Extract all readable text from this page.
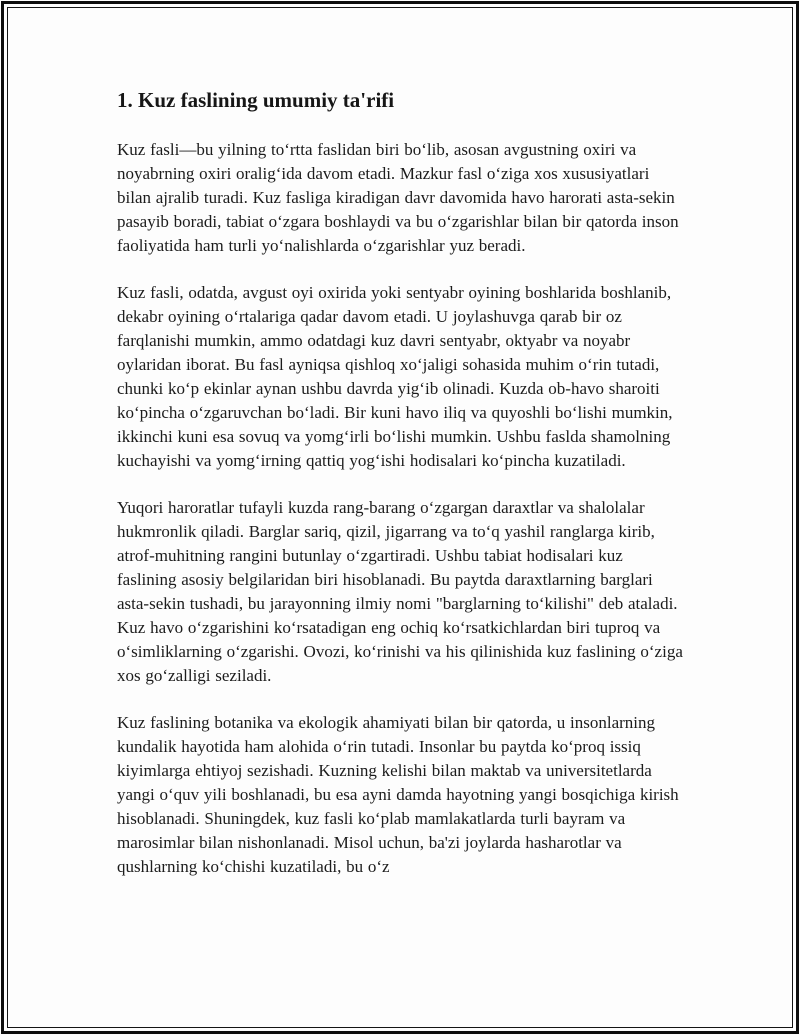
1. Kuz faslining umumiy ta'rifi

Kuz fasli—bu yilning to‘rtta faslidan biri bo‘lib, asosan avgustning oxiri va noyabrning oxiri oralig‘ida davom etadi. Mazkur fasl o‘ziga xos xususiyatlari bilan ajralib turadi. Kuz fasliga kiradigan davr davomida havo harorati asta-sekin pasayib boradi, tabiat o‘zgara boshlaydi va bu o‘zgarishlar bilan bir qatorda inson faoliyatida ham turli yo‘nalishlarda o‘zgarishlar yuz beradi.

Kuz fasli, odatda, avgust oyi oxirida yoki sentyabr oyining boshlarida boshlanib, dekabr oyining o‘rtalariga qadar davom etadi. U joylashuvga qarab bir oz farqlanishi mumkin, ammo odatdagi kuz davri sentyabr, oktyabr va noyabr oylaridan iborat. Bu fasl ayniqsa qishloq xo‘jaligi sohasida muhim o‘rin tutadi, chunki ko‘p ekinlar aynan ushbu davrda yig‘ib olinadi. Kuzda ob-havo sharoiti ko‘pincha o‘zgaruvchan bo‘ladi. Bir kuni havo iliq va quyoshli bo‘lishi mumkin, ikkinchi kuni esa sovuq va yomg‘irli bo‘lishi mumkin. Ushbu faslda shamolning kuchayishi va yomg‘irning qattiq yog‘ishi hodisalari ko‘pincha kuzatiladi.

Yuqori haroratlar tufayli kuzda rang-barang o‘zgargan daraxtlar va shalolalar hukmronlik qiladi. Barglar sariq, qizil, jigarrang va to‘q yashil ranglarga kirib, atrof-muhitning rangini butunlay o‘zgartiradi. Ushbu tabiat hodisalari kuz faslining asosiy belgilaridan biri hisoblanadi. Bu paytda daraxtlarning barglari asta-sekin tushadi, bu jarayonning ilmiy nomi "barglarning to‘kilishi" deb ataladi. Kuz havo o‘zgarishini ko‘rsatadigan eng ochiq ko‘rsatkichlardan biri tuproq va o‘simliklarning o‘zgarishi. Ovozi, ko‘rinishi va his qilinishida kuz faslining o‘ziga xos go‘zalligi seziladi.

Kuz faslining botanika va ekologik ahamiyati bilan bir qatorda, u insonlarning kundalik hayotida ham alohida o‘rin tutadi. Insonlar bu paytda ko‘proq issiq kiyimlarga ehtiyoj sezishadi. Kuzning kelishi bilan maktab va universitetlarda yangi o‘quv yili boshlanadi, bu esa ayni damda hayotning yangi bosqichiga kirish hisoblanadi. Shuningdek, kuz fasli ko‘plab mamlakatlarda turli bayram va marosimlar bilan nishonlanadi. Misol uchun, ba'zi joylarda hasharotlar va qushlarning ko‘chishi kuzatiladi, bu o‘z
